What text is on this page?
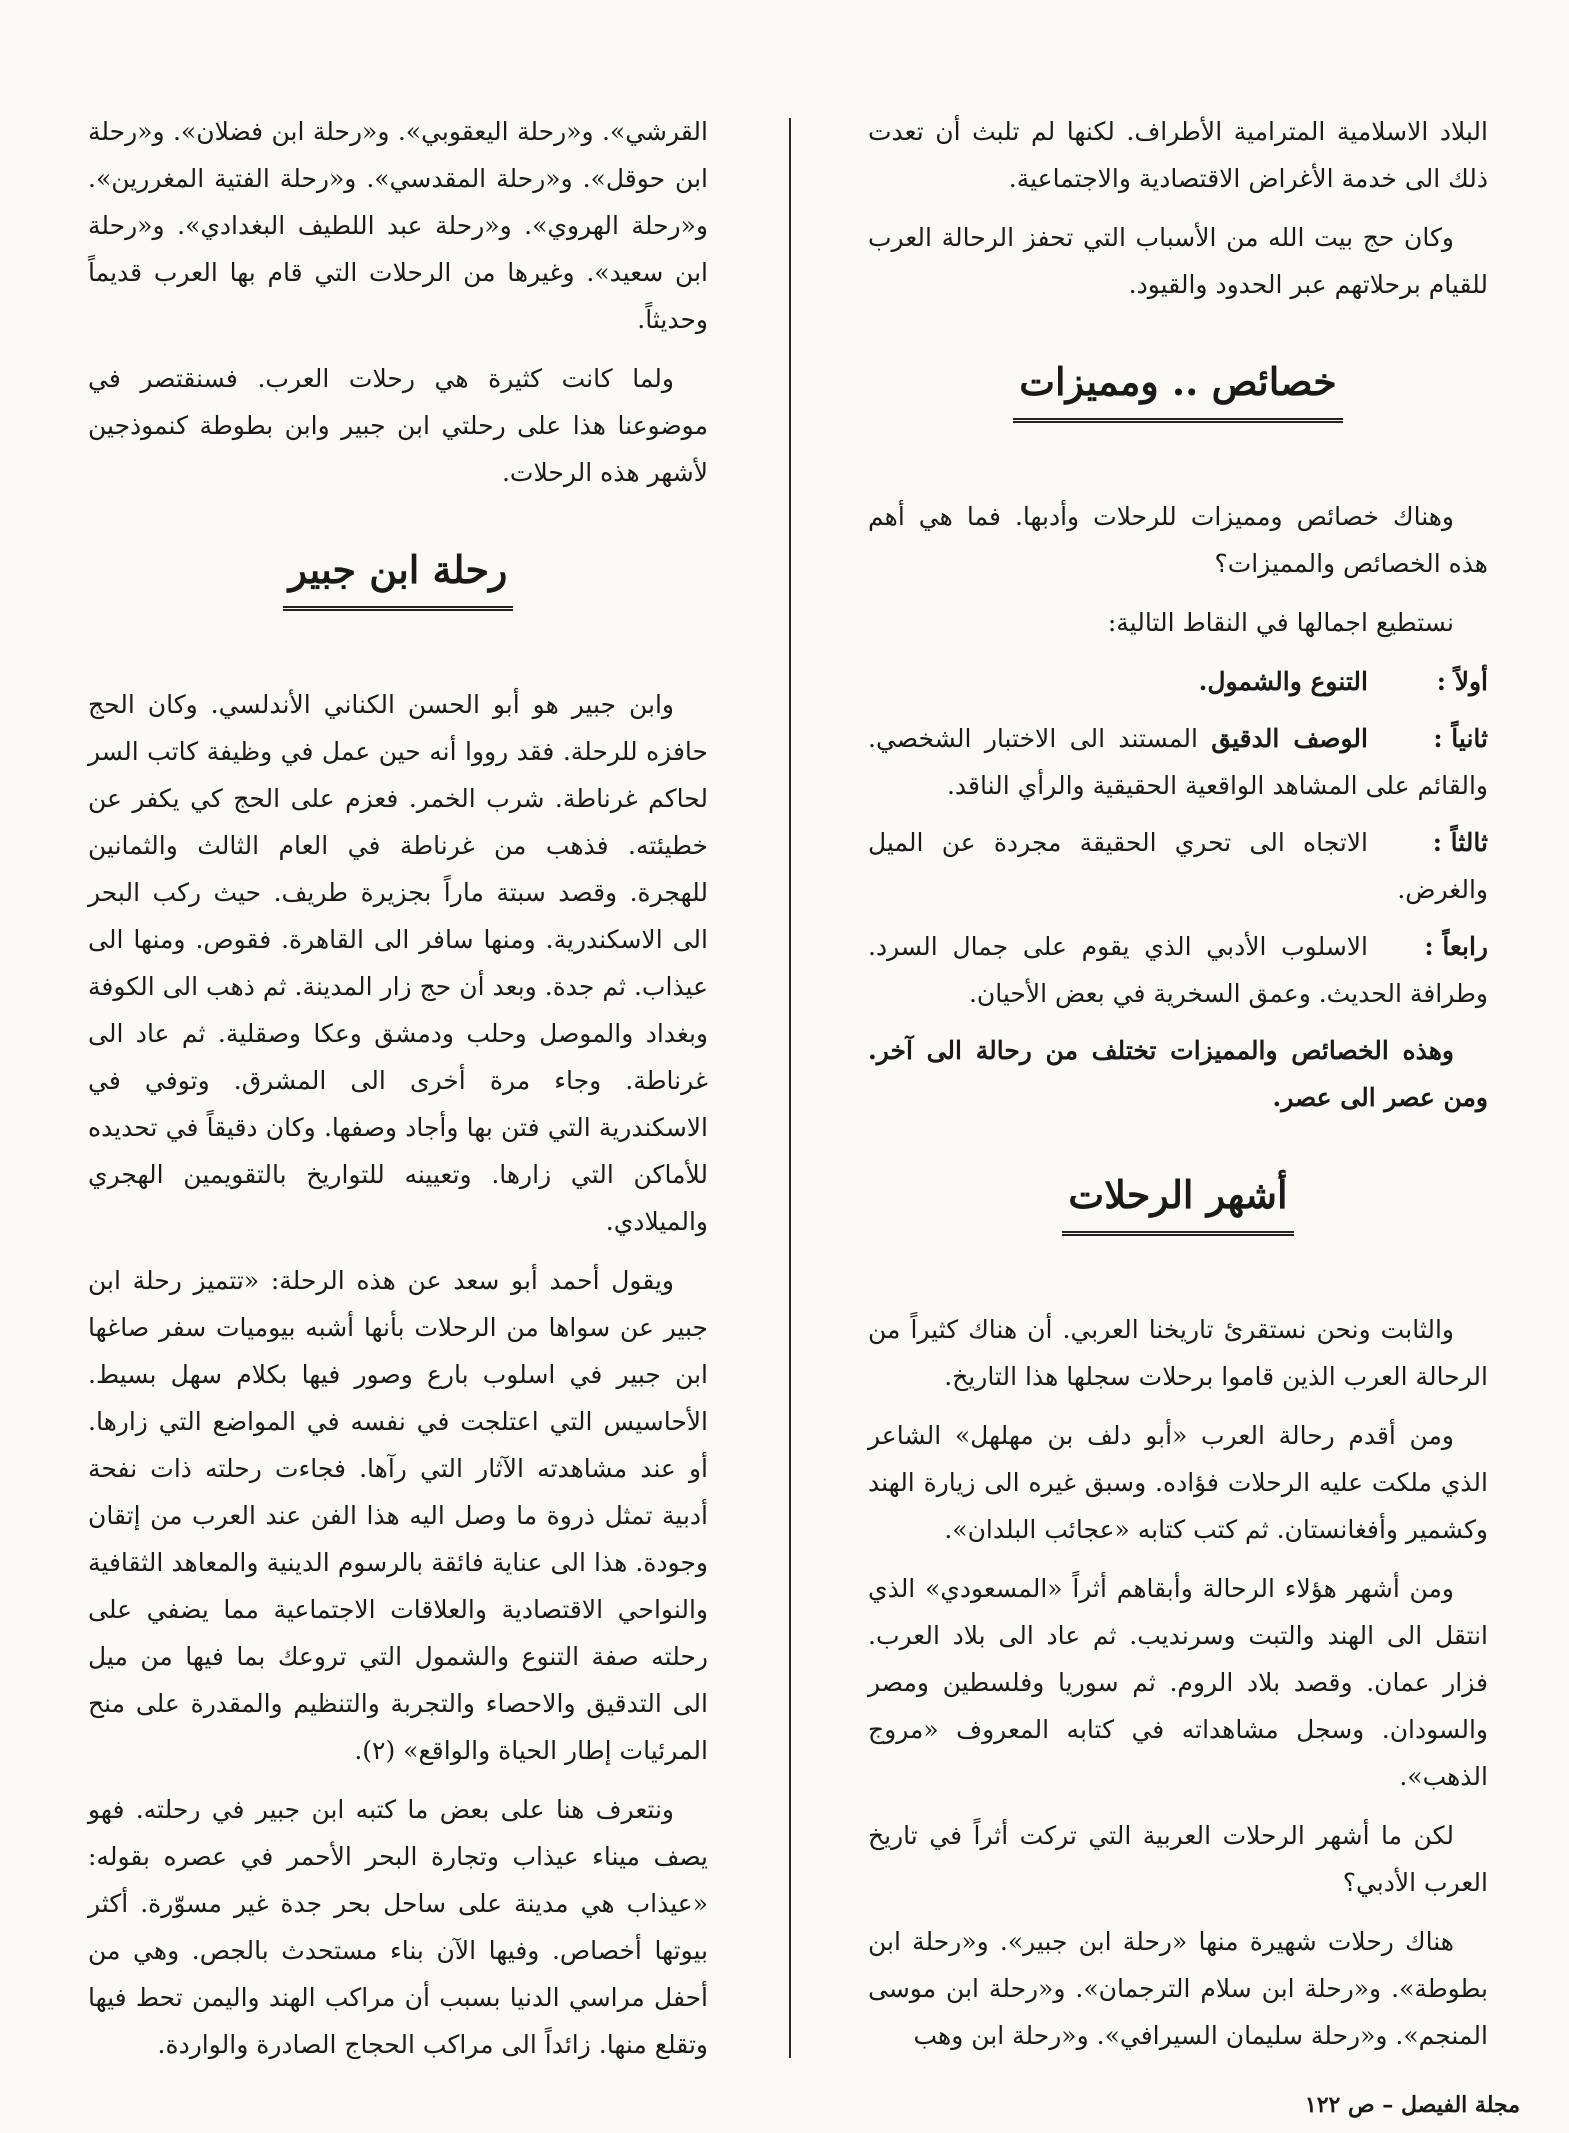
البلاد الاسلامية المترامية الأطراف. لكنها لم تلبث أن تعدت ذلك الى خدمة الأغراض الاقتصادية والاجتماعية.

وكان حج بيت الله من الأسباب التي تحفز الرحالة العرب للقيام برحلاتهم عبر الحدود والقيود.

خصائص .. ومميزات

وهناك خصائص ومميزات للرحلات وأدبها. فما هي أهم هذه الخصائص والمميزات؟

نستطيع اجمالها في النقاط التالية:

أولاً :التنوع والشمول.
ثانياً :الوصف الدقيق المستند الى الاختبار الشخصي. والقائم على المشاهد الواقعية الحقيقية والرأي الناقد.
ثالثاً :الاتجاه الى تحري الحقيقة مجردة عن الميل والغرض.
رابعاً :الاسلوب الأدبي الذي يقوم على جمال السرد. وطرافة الحديث. وعمق السخرية في بعض الأحيان.

وهذه الخصائص والمميزات تختلف من رحالة الى آخر. ومن عصر الى عصر.

أشهر الرحلات

والثابت ونحن نستقرئ تاريخنا العربي. أن هناك كثيراً من الرحالة العرب الذين قاموا برحلات سجلها هذا التاريخ.

ومن أقدم رحالة العرب «أبو دلف بن مهلهل» الشاعر الذي ملكت عليه الرحلات فؤاده. وسبق غيره الى زيارة الهند وكشمير وأفغانستان. ثم كتب كتابه «عجائب البلدان».

ومن أشهر هؤلاء الرحالة وأبقاهم أثراً «المسعودي» الذي انتقل الى الهند والتبت وسرنديب. ثم عاد الى بلاد العرب. فزار عمان. وقصد بلاد الروم. ثم سوريا وفلسطين ومصر والسودان. وسجل مشاهداته في كتابه المعروف «مروج الذهب».

لكن ما أشهر الرحلات العربية التي تركت أثراً في تاريخ العرب الأدبي؟

هناك رحلات شهيرة منها «رحلة ابن جبير». و«رحلة ابن بطوطة». و«رحلة ابن سلام الترجمان». و«رحلة ابن موسى المنجم». و«رحلة سليمان السيرافي». و«رحلة ابن وهب

القرشي». و«رحلة اليعقوبي». و«رحلة ابن فضلان». و«رحلة ابن حوقل». و«رحلة المقدسي». و«رحلة الفتية المغررين». و«رحلة الهروي». و«رحلة عبد اللطيف البغدادي». و«رحلة ابن سعيد». وغيرها من الرحلات التي قام بها العرب قديماً وحديثاً.

ولما كانت كثيرة هي رحلات العرب. فسنقتصر في موضوعنا هذا على رحلتي ابن جبير وابن بطوطة كنموذجين لأشهر هذه الرحلات.

رحلة ابن جبير

وابن جبير هو أبو الحسن الكناني الأندلسي. وكان الحج حافزه للرحلة. فقد رووا أنه حين عمل في وظيفة كاتب السر لحاكم غرناطة. شرب الخمر. فعزم على الحج كي يكفر عن خطيئته. فذهب من غرناطة في العام الثالث والثمانين للهجرة. وقصد سبتة ماراً بجزيرة طريف. حيث ركب البحر الى الاسكندرية. ومنها سافر الى القاهرة. فقوص. ومنها الى عيذاب. ثم جدة. وبعد أن حج زار المدينة. ثم ذهب الى الكوفة وبغداد والموصل وحلب ودمشق وعكا وصقلية. ثم عاد الى غرناطة. وجاء مرة أخرى الى المشرق. وتوفي في الاسكندرية التي فتن بها وأجاد وصفها. وكان دقيقاً في تحديده للأماكن التي زارها. وتعيينه للتواريخ بالتقويمين الهجري والميلادي.

ويقول أحمد أبو سعد عن هذه الرحلة: «تتميز رحلة ابن جبير عن سواها من الرحلات بأنها أشبه بيوميات سفر صاغها ابن جبير في اسلوب بارع وصور فيها بكلام سهل بسيط. الأحاسيس التي اعتلجت في نفسه في المواضع التي زارها. أو عند مشاهدته الآثار التي رآها. فجاءت رحلته ذات نفحة أدبية تمثل ذروة ما وصل اليه هذا الفن عند العرب من إتقان وجودة. هذا الى عناية فائقة بالرسوم الدينية والمعاهد الثقافية والنواحي الاقتصادية والعلاقات الاجتماعية مما يضفي على رحلته صفة التنوع والشمول التي تروعك بما فيها من ميل الى التدقيق والاحصاء والتجربة والتنظيم والمقدرة على منح المرئيات إطار الحياة والواقع» (٢).

ونتعرف هنا على بعض ما كتبه ابن جبير في رحلته. فهو يصف ميناء عيذاب وتجارة البحر الأحمر في عصره بقوله: «عيذاب هي مدينة على ساحل بحر جدة غير مسوّرة. أكثر بيوتها أخصاص. وفيها الآن بناء مستحدث بالجص. وهي من أحفل مراسي الدنيا بسبب أن مراكب الهند واليمن تحط فيها وتقلع منها. زائداً الى مراكب الحجاج الصادرة والواردة.

مجلة الفيصل – ص ١٢٢
